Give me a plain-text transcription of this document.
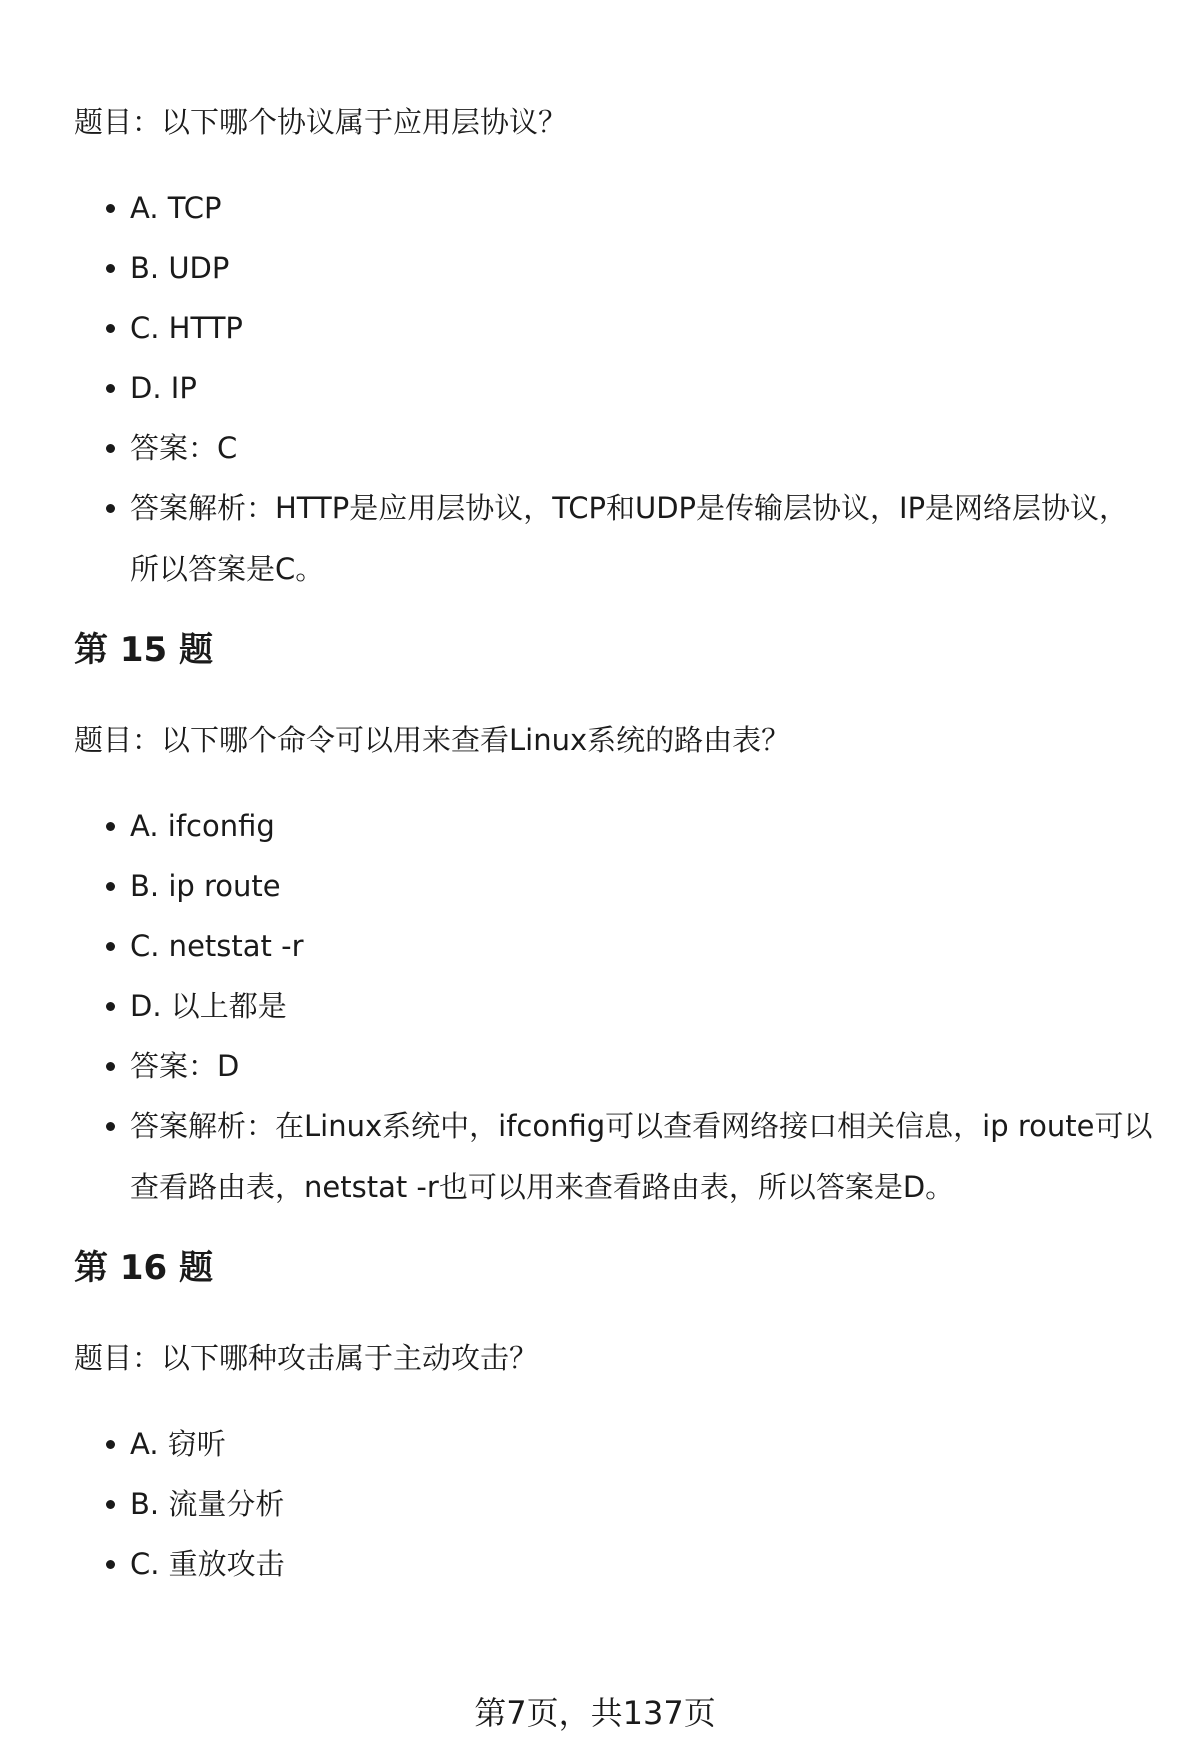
题目：以下哪个协议属于应用层协议？

A. TCP
B. UDP
C. HTTP
D. IP
答案：C
答案解析：HTTP是应用层协议，TCP和UDP是传输层协议，IP是网络层协议，所以答案是C。
第 15 题

题目：以下哪个命令可以用来查看Linux系统的路由表？

A. ifconfig
B. ip route
C. netstat -r
D. 以上都是
答案：D
答案解析：在Linux系统中，ifconfig可以查看网络接口相关信息，ip route可以查看路由表，netstat -r也可以用来查看路由表，所以答案是D。
第 16 题

题目：以下哪种攻击属于主动攻击？

A. 窃听
B. 流量分析
C. 重放攻击
第7页，共137页
